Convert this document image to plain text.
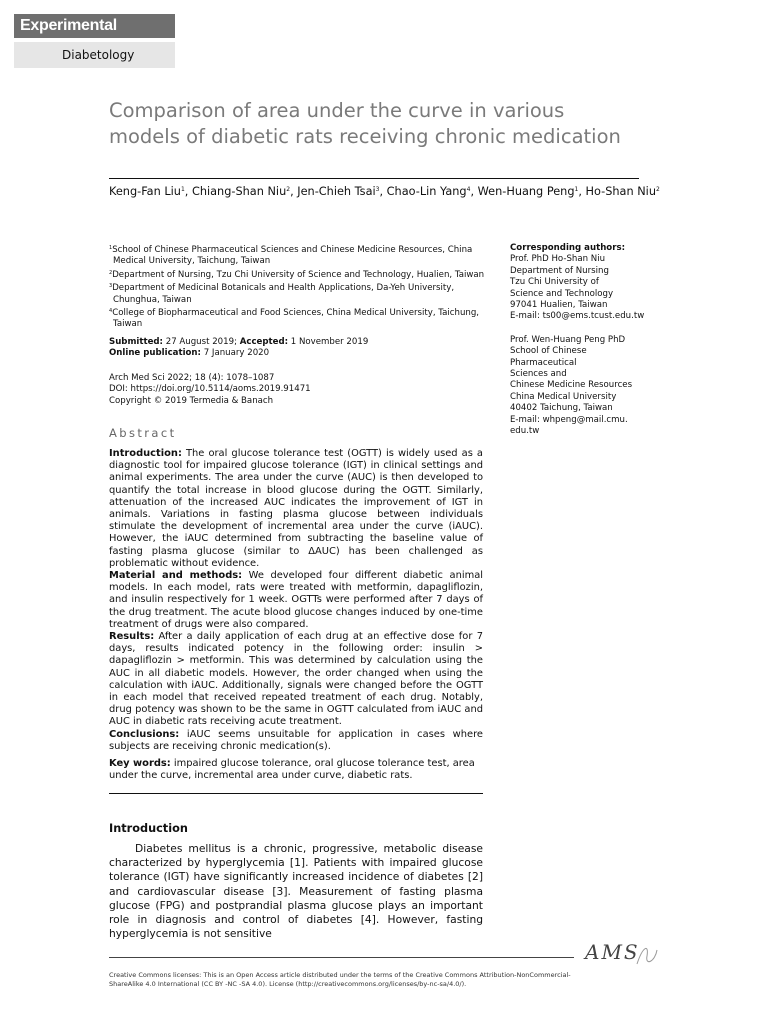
Experimental
Diabetology
Comparison of area under the curve in various models of diabetic rats receiving chronic medication
Keng-Fan Liu$^1$, Chiang-Shan Niu$^2$, Jen-Chieh Tsai$^3$, Chao-Lin Yang$^4$, Wen-Huang Peng$^1$, Ho-Shan Niu$^2$
$^1$School of Chinese Pharmaceutical Sciences and Chinese Medicine Resources, China Medical University, Taichung, Taiwan
$^2$Department of Nursing, Tzu Chi University of Science and Technology, Hualien, Taiwan
$^3$Department of Medicinal Botanicals and Health Applications, Da-Yeh University, Chunghua, Taiwan
$^4$College of Biopharmaceutical and Food Sciences, China Medical University, Taichung, Taiwan
Corresponding authors:
Prof. PhD Ho-Shan Niu
Department of Nursing
Tzu Chi University of
Science and Technology
97041 Hualien, Taiwan
E-mail: ts00@ems.tcust.edu.tw
Prof. Wen-Huang Peng PhD
School of Chinese
Pharmaceutical
Sciences and
Chinese Medicine Resources
China Medical University
40402 Taichung, Taiwan
E-mail: whpeng@mail.cmu.
edu.tw
Submitted: 27 August 2019; Accepted: 1 November 2019
Online publication: 7 January 2020
Arch Med Sci 2022; 18 (4): 1078–1087
DOI: https://doi.org/10.5114/aoms.2019.91471
Copyright © 2019 Termedia & Banach
Abstract

Introduction: The oral glucose tolerance test (OGTT) is widely used as a diagnostic tool for impaired glucose tolerance (IGT) in clinical settings and animal experiments. The area under the curve (AUC) is then developed to quantify the total increase in blood glucose during the OGTT. Similarly, attenuation of the increased AUC indicates the improvement of IGT in animals. Variations in fasting plasma glucose between individuals stimulate the development of incremental area under the curve (iAUC). However, the iAUC determined from subtracting the baseline value of fasting plasma glucose (similar to ΔAUC) has been challenged as problematic without evidence.

Material and methods: We developed four different diabetic animal models. In each model, rats were treated with metformin, dapagliflozin, and insulin respectively for 1 week. OGTTs were performed after 7 days of the drug treatment. The acute blood glucose changes induced by one-time treatment of drugs were also compared.

Results: After a daily application of each drug at an effective dose for 7 days, results indicated potency in the following order: insulin > dapagliflozin > metformin. This was determined by calculation using the AUC in all diabetic models. However, the order changed when using the calculation with iAUC. Additionally, signals were changed before the OGTT in each model that received repeated treatment of each drug. Notably, drug potency was shown to be the same in OGTT calculated from iAUC and AUC in diabetic rats receiving acute treatment.

Conclusions: iAUC seems unsuitable for application in cases where subjects are receiving chronic medication(s).

Key words: impaired glucose tolerance, oral glucose tolerance test, area under the curve, incremental area under curve, diabetic rats.
Introduction
Diabetes mellitus is a chronic, progressive, metabolic disease characterized by hyperglycemia [1]. Patients with impaired glucose tolerance (IGT) have significantly increased incidence of diabetes [2] and cardiovascular disease [3]. Measurement of fasting plasma glucose (FPG) and postprandial plasma glucose plays an important role in diagnosis and control of diabetes [4]. However, fasting hyperglycemia is not sensitive
AMS
Creative Commons licenses: This is an Open Access article distributed under the terms of the Creative Commons Attribution-NonCommercial-ShareAlike 4.0 International (CC BY -NC -SA 4.0). License (http://creativecommons.org/licenses/by-nc-sa/4.0/).
